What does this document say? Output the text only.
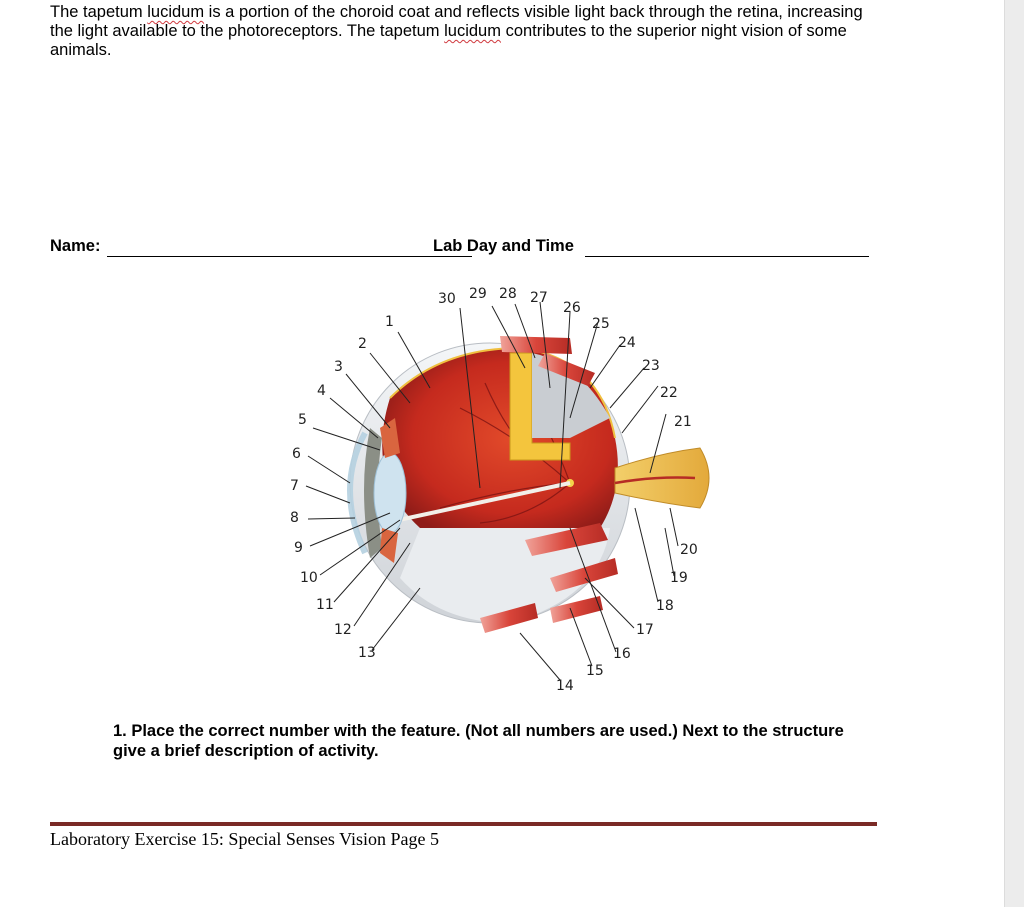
The tapetum lucidum is a portion of the choroid coat and reflects visible light back through the retina, increasing the light available to the photoreceptors. The tapetum lucidum contributes to the superior night vision of some animals.

Name:	Lab Day and Time
1
2
3
4
5
6
7
8
9
10
11
12
13
14
15
16
17
18
19
20
21
22
23
24
25
26
27
28
29
30

1. Place the correct number with the feature. (Not all numbers are used.) Next to the structure give a brief description of activity.

Laboratory Exercise 15: Special Senses Vision Page 5
